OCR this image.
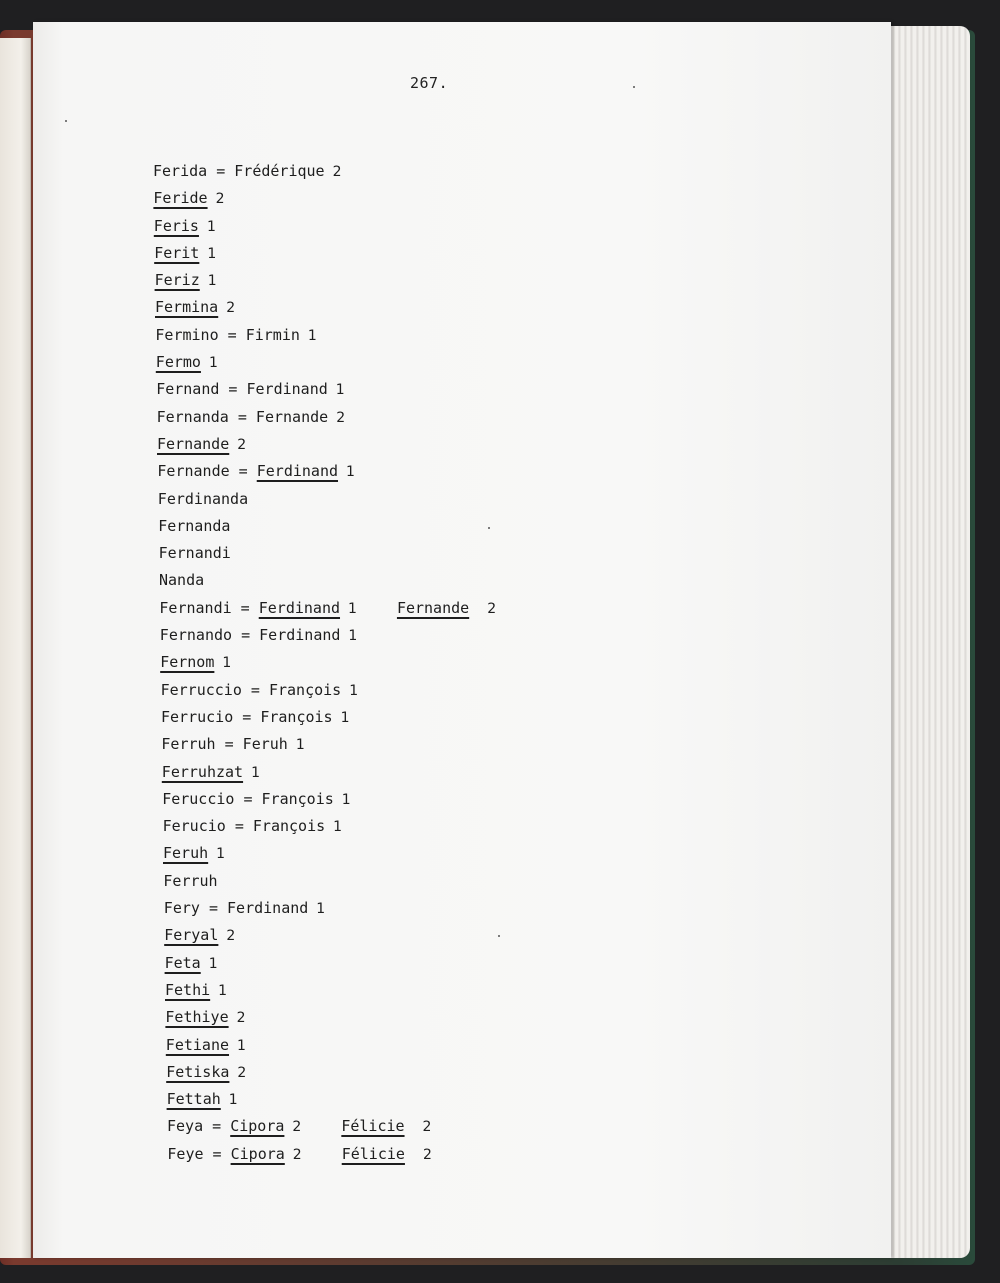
267.
Ferida = Frédérique 2
Feride 2
Feris 1
Ferit 1
Feriz 1
Fermina 2
Fermino = Firmin 1
Fermo 1
Fernand = Ferdinand 1
Fernanda = Fernande 2
Fernande 2
Fernande = Ferdinand 1
Ferdinanda
Fernanda
Fernandi
Nanda
Fernandi = Ferdinand 1	Fernande 2
Fernando = Ferdinand 1
Fernom 1
Ferruccio = François 1
Ferrucio = François 1
Ferruh = Feruh 1
Ferruhzat 1
Feruccio = François 1
Ferucio = François 1
Feruh 1
Ferruh
Fery = Ferdinand 1
Feryal 2
Feta 1
Fethi 1
Fethiye 2
Fetiane 1
Fetiska 2
Fettah 1
Feya = Cipora 2	Félicie 2
Feye = Cipora 2	Félicie 2
